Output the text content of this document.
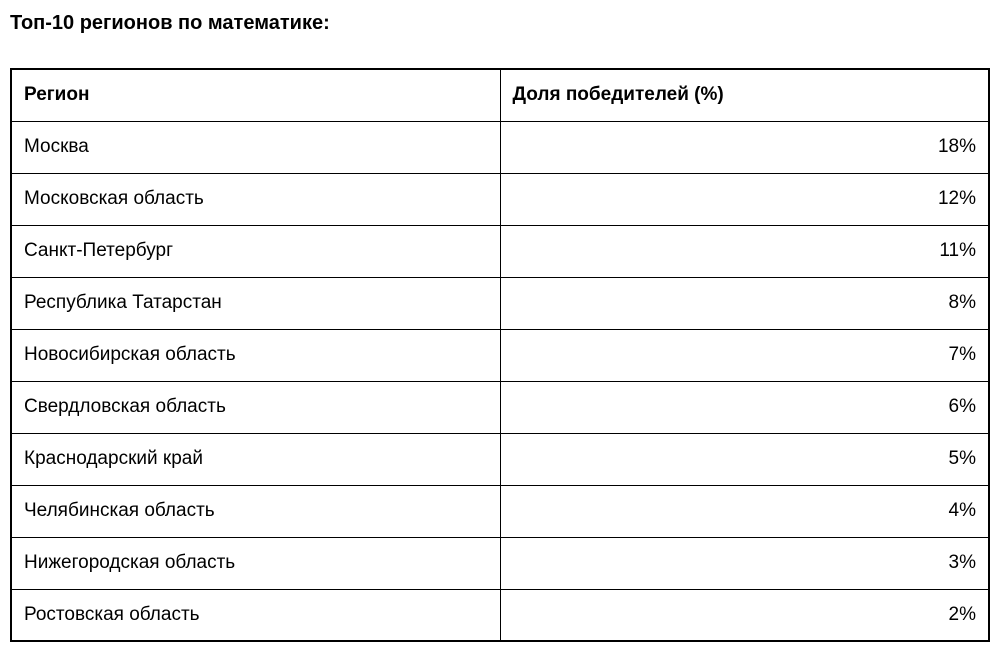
Топ-10 регионов по математике:
Регион	Доля победителей (%)
Москва	18%
Московская область	12%
Санкт-Петербург	11%
Республика Татарстан	8%
Новосибирская область	7%
Свердловская область	6%
Краснодарский край	5%
Челябинская область	4%
Нижегородская область	3%
Ростовская область	2%
